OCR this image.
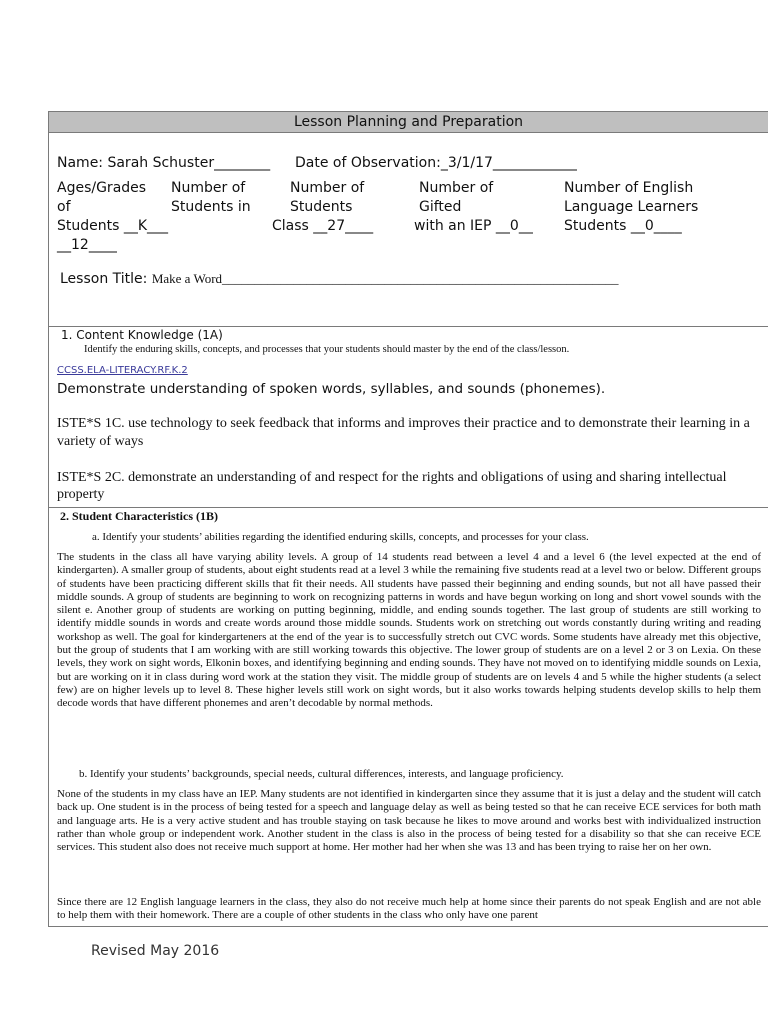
Lesson Planning and Preparation
Name: Sarah Schuster________ Date of Observation:_3/1/17____________
Ages/Grades
of
Students __K___
__12____
Number of
Students in
Number of
Students
Class __27____
Number of
Gifted
with an IEP __0__
Number of English
Language Learners
Students __0____
Lesson Title: Make a Word_____________________________________________________________
1. Content Knowledge (1A)
Identify the enduring skills, concepts, and processes that your students should master by the end of the class/lesson.
CCSS.ELA-LITERACY.RF.K.2
Demonstrate understanding of spoken words, syllables, and sounds (phonemes).
ISTE*S 1C. use technology to seek feedback that informs and improves their practice and to demonstrate their learning in a variety of ways
ISTE*S 2C. demonstrate an understanding of and respect for the rights and obligations of using and sharing intellectual property
2. Student Characteristics (1B)
a. Identify your students’ abilities regarding the identified enduring skills, concepts, and processes for your class.
The students in the class all have varying ability levels. A group of 14 students read between a level 4 and a level 6 (the level expected at the end of kindergarten). A smaller group of students, about eight students read at a level 3 while the remaining five students read at a level two or below. Different groups of students have been practicing different skills that fit their needs. All students have passed their beginning and ending sounds, but not all have passed their middle sounds. A group of students are beginning to work on recognizing patterns in words and have begun working on long and short vowel sounds with the silent e. Another group of students are working on putting beginning, middle, and ending sounds together. The last group of students are still working to identify middle sounds in words and create words around those middle sounds. Students work on stretching out words constantly during writing and reading workshop as well. The goal for kindergarteners at the end of the year is to successfully stretch out CVC words. Some students have already met this objective, but the group of students that I am working with are still working towards this objective. The lower group of students are on a level 2 or 3 on Lexia. On these levels, they work on sight words, Elkonin boxes, and identifying beginning and ending sounds. They have not moved on to identifying middle sounds on Lexia, but are working on it in class during word work at the station they visit. The middle group of students are on levels 4 and 5 while the higher students (a select few) are on higher levels up to level 8. These higher levels still work on sight words, but it also works towards helping students develop skills to help them decode words that have different phonemes and aren’t decodable by normal methods.
b. Identify your students’ backgrounds, special needs, cultural differences, interests, and language proficiency.
None of the students in my class have an IEP. Many students are not identified in kindergarten since they assume that it is just a delay and the student will catch back up. One student is in the process of being tested for a speech and language delay as well as being tested so that he can receive ECE services for both math and language arts. He is a very active student and has trouble staying on task because he likes to move around and works best with individualized instruction rather than whole group or independent work. Another student in the class is also in the process of being tested for a disability so that she can receive ECE services. This student also does not receive much support at home. Her mother had her when she was 13 and has been trying to raise her on her own.
Since there are 12 English language learners in the class, they also do not receive much help at home since their parents do not speak English and are not able to help them with their homework. There are a couple of other students in the class who only have one parent
Revised May 2016
